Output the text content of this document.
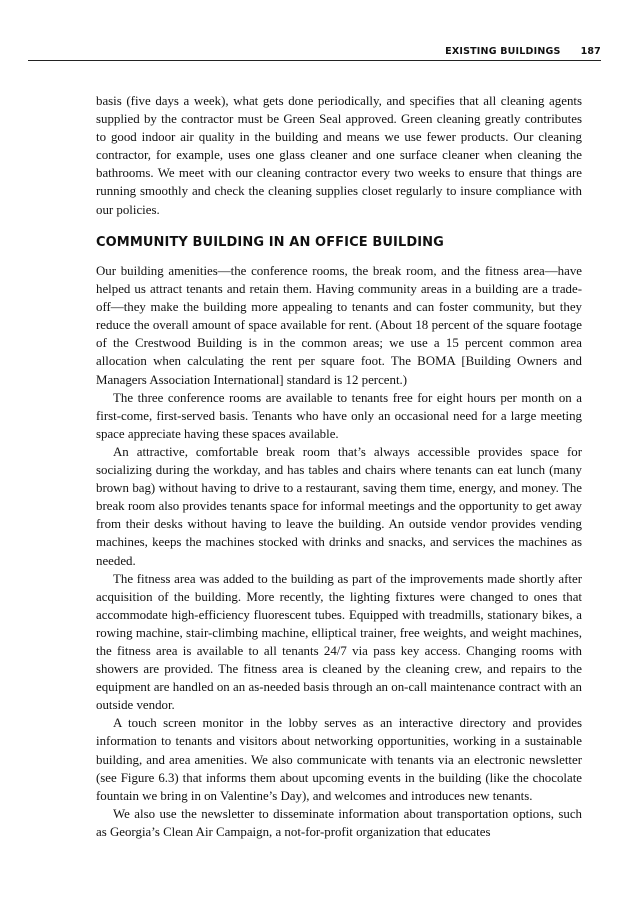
EXISTING BUILDINGS 187

basis (five days a week), what gets done periodically, and specifies that all cleaning agents supplied by the contractor must be Green Seal approved. Green cleaning greatly contributes to good indoor air quality in the building and means we use fewer products. Our cleaning contractor, for example, uses one glass cleaner and one surface cleaner when cleaning the bathrooms. We meet with our cleaning contractor every two weeks to ensure that things are running smoothly and check the cleaning supplies closet regularly to insure compliance with our policies.

COMMUNITY BUILDING IN AN OFFICE BUILDING

Our building amenities—the conference rooms, the break room, and the fitness area—have helped us attract tenants and retain them. Having community areas in a building are a trade-off—they make the building more appealing to tenants and can foster community, but they reduce the overall amount of space available for rent. (About 18 percent of the square footage of the Crestwood Building is in the common areas; we use a 15 percent common area allocation when calculating the rent per square foot. The BOMA [Building Owners and Managers Association International] standard is 12 percent.)

The three conference rooms are available to tenants free for eight hours per month on a first-come, first-served basis. Tenants who have only an occasional need for a large meeting space appreciate having these spaces available.

An attractive, comfortable break room that’s always accessible provides space for socializing during the workday, and has tables and chairs where tenants can eat lunch (many brown bag) without having to drive to a restaurant, saving them time, energy, and money. The break room also provides tenants space for informal meetings and the opportunity to get away from their desks without having to leave the building. An outside vendor provides vending machines, keeps the machines stocked with drinks and snacks, and services the machines as needed.

The fitness area was added to the building as part of the improvements made shortly after acquisition of the building. More recently, the lighting fixtures were changed to ones that accommodate high-efficiency fluorescent tubes. Equipped with treadmills, stationary bikes, a rowing machine, stair-climbing machine, elliptical trainer, free weights, and weight machines, the fitness area is available to all tenants 24/7 via pass key access. Changing rooms with showers are provided. The fitness area is cleaned by the cleaning crew, and repairs to the equipment are handled on an as-needed basis through an on-call maintenance contract with an outside vendor.

A touch screen monitor in the lobby serves as an interactive directory and provides information to tenants and visitors about networking opportunities, working in a sustainable building, and area amenities. We also communicate with tenants via an electronic newsletter (see Figure 6.3) that informs them about upcoming events in the building (like the chocolate fountain we bring in on Valentine’s Day), and welcomes and introduces new tenants.

We also use the newsletter to disseminate information about transportation options, such as Georgia’s Clean Air Campaign, a not-for-profit organization that educates
